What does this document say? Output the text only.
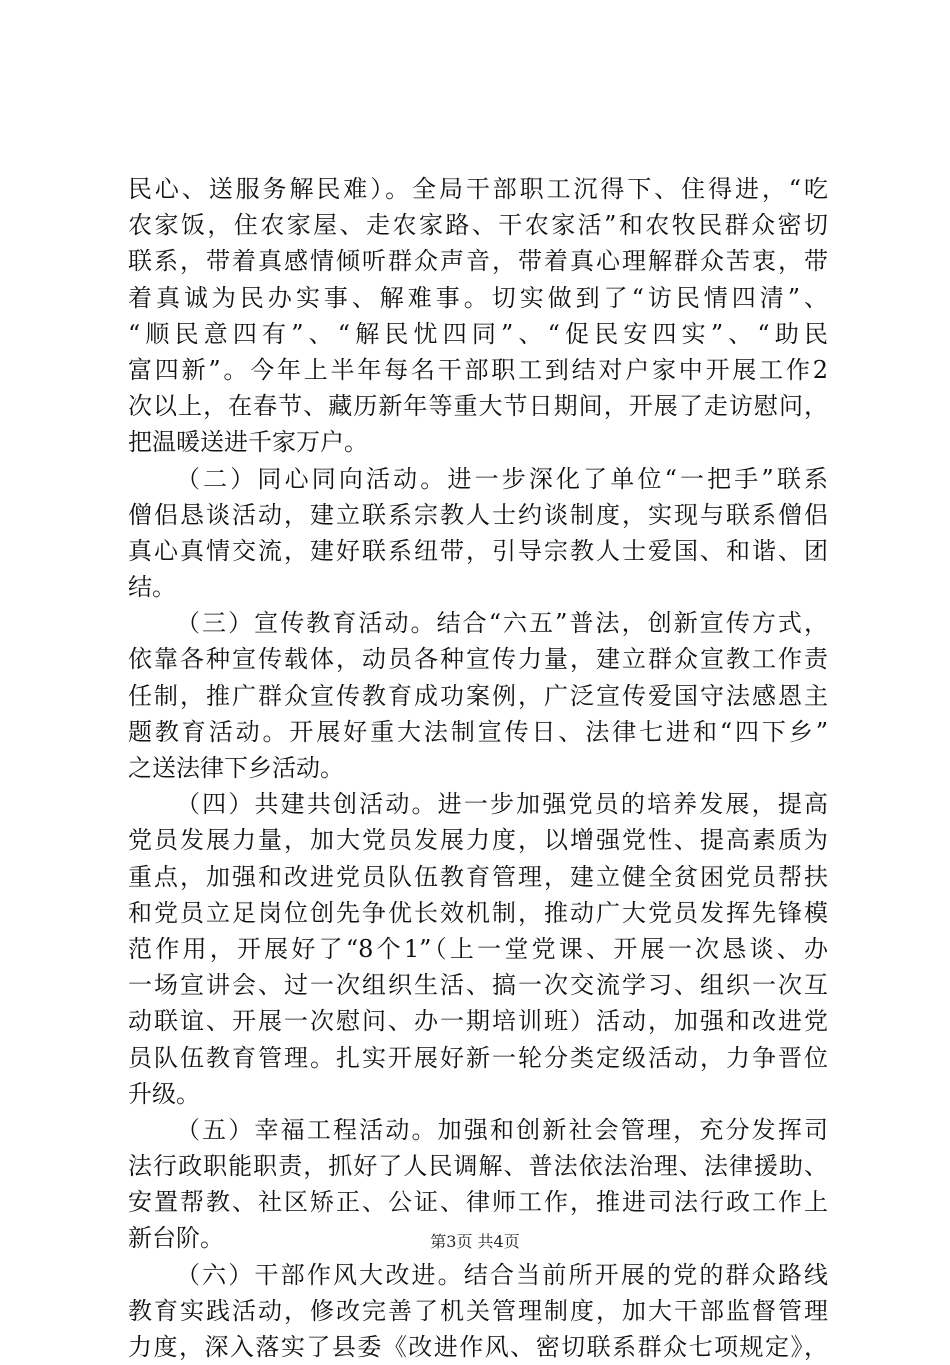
民心、送服务解民难）。全局干部职工沉得下、住得进，“吃
农家饭，住农家屋、走农家路、干农家活”和农牧民群众密切
联系，带着真感情倾听群众声音，带着真心理解群众苦衷，带
着真诚为民办实事、解难事。切实做到了“访民情四清”、
“顺民意四有”、“解民忧四同”、“促民安四实”、“助民
富四新”。今年上半年每名干部职工到结对户家中开展工作2
次以上，在春节、藏历新年等重大节日期间，开展了走访慰问，
把温暖送进千家万户。
（二）同心同向活动。进一步深化了单位“一把手”联系
僧侣恳谈活动，建立联系宗教人士约谈制度，实现与联系僧侣
真心真情交流，建好联系纽带，引导宗教人士爱国、和谐、团
结。
（三）宣传教育活动。结合“六五”普法，创新宣传方式，
依靠各种宣传载体，动员各种宣传力量，建立群众宣教工作责
任制，推广群众宣传教育成功案例，广泛宣传爱国守法感恩主
题教育活动。开展好重大法制宣传日、法律七进和“四下乡”
之送法律下乡活动。
（四）共建共创活动。进一步加强党员的培养发展，提高
党员发展力量，加大党员发展力度，以增强党性、提高素质为
重点，加强和改进党员队伍教育管理，建立健全贫困党员帮扶
和党员立足岗位创先争优长效机制，推动广大党员发挥先锋模
范作用，开展好了“8个1”（上一堂党课、开展一次恳谈、办
一场宣讲会、过一次组织生活、搞一次交流学习、组织一次互
动联谊、开展一次慰问、办一期培训班）活动，加强和改进党
员队伍教育管理。扎实开展好新一轮分类定级活动，力争晋位
升级。
（五）幸福工程活动。加强和创新社会管理，充分发挥司
法行政职能职责，抓好了人民调解、普法依法治理、法律援助、
安置帮教、社区矫正、公证、律师工作，推进司法行政工作上
新台阶。
（六）干部作风大改进。结合当前所开展的党的群众路线
教育实践活动，修改完善了机关管理制度，加大干部监督管理
力度，深入落实了县委《改进作风、密切联系群众七项规定》，
第3页 共4页
